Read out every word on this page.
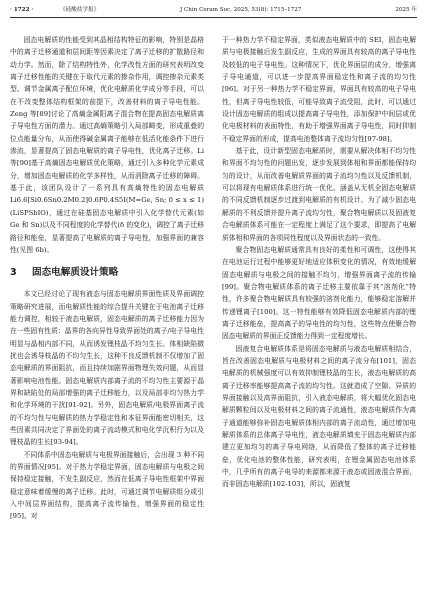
· 1722 ·	《硅酸盐学报》	J Chin Ceram Soc, 2025, 53(8): 1715–1727	2025 年

固态电解质的性能受到其晶相结构特征的影响，特别是晶格中的离子迁移通道和层间距等因素决定了离子迁移的扩散路径和动力学。然而，除了结构特性外，化学改性方面的研究表明改变离子迁移性能的关键在于取代元素的掺杂作用，调控掺杂元素类型、调节金属离子配位环境，优化电解质化学成分等手段，可以在不改变整体结构框架的前提下，改善材料的离子导电性能。Zeng 等[89]讨论了高熵金属阳离子混合物在提高固态电解质离子导电性方面的潜力。通过高熵策略引入局部畸变，形成重叠的位点能量分布，从而使得碱金属离子能够在低活化能条件下进行渗流，显著提高了固态电解质的离子导电性，优化离子迁移。Li 等[90]基于高熵固态电解质优化策略，通过引入多种化学元素成分，增加固态电解质的化学多样性，从而消除离子迁移的障碍。基于此，该团队设计了一系列具有高熵特性的固态电解质 Li6.6[Si0.6Sn0.2M0.2]0.6P0.4S5I(M=Ge, Sn; 0 ≤ x ≤ 1)(LiSPSbIO)，通过在硅基固态电解质中引入化学替代元素(如 Ge 和 Sn)以及不同程度的化学替代(δ 的变化)，调控了离子迁移路径和能垒，显著提高了电解质的离子导电性，加强界面的兼容性(见图 6b)。

3 固态电解质设计策略

本文已经讨论了现有液态与固态电解质界面性质及界面调控策略研究进展，而电解质性能的综合提升关键在于电池离子迁移能力调控，相较于液态电解质，固态电解质的离子迁移能力因为在一些固有性质：晶界的各向异性导致界面处的离子/电子导电性明显与晶相内部不同，从而诱发锂枝晶不均匀生长。体相缺陷微扰也会诱导枝晶的不均匀生长，这种不良反馈机制不仅增加了固态电解质的界面阻抗，而且持续加剧界面物理失效问题，从而显著影响电池性能。固态电解质内部离子流的不均匀性主要源于晶界和缺陷处的局部增强的离子迁移能力，以及局部非均匀热力学和化学环境的干扰[91-92]。另外，固态电解质/电极界面离子流的不均匀性与电解质的热力学稳定性和本征界面能密切相关，这些因素共同决定了界面处的离子流动模式和电化学沉积行为以及锂枝晶的生长[93-94]。

不同体系中固态电解质与电极界面接触后，会出现 3 种不同的界面情况[95]。对于热力学稳定界面，固态电解质与电极之间保持稳定接触，不发生副反应，然而在低离子导电性框架中界面稳定意味着缓慢的离子迁移。此时，可通过调节电解质组分或引入中间层界面结构，提高离子流传输性，增强界面的稳定性[95]。对

于一种热力学不稳定界面，类似液态电解质中的 SEI，固态电解质与电极接触后发生副反应，生成的界面具有较高的离子导电性及较低的电子导电性。这种情况下，优化界面层的成分、增强离子导电通道，可以进一步提高界面稳定性和离子流的均匀性[96]。对于另一种热力学不稳定界面，界面具有较高的电子导电性，但离子导电性较低，可能导致离子流受阻，此时，可以通过设计固态电解质的组成以提高离子导电性，添加保护中间层或优化电极材料的表面特性，有助于增强界面离子导电性，同时抑制不稳定界面的形成，提高电池整体离子流均匀性[97-98]。

基于此，设计新型固态电解质时，需要从解决体相不均匀性和界面不均匀性的问题出发，逐步发展到体相和界面都能保持均匀的设计，从而改善电解质界面的离子流均匀性以及反馈机制，可以将现有电解质体系进行统一优化。涵盖从无机全固态电解质的不同反馈机制逐步过渡到电解质的有机设计。为了减少固态电解质的不利反馈并提升离子流均匀性，聚合物电解质以及固液复合电解质体系可能在一定程度上满足了这个要求，即提高了电解质体相和界面的各项同性程度以及界面状态的一致性。

聚合物固态电解质通常具有良好的柔性和可调性，这使得其在电池运行过程中能够更好地适应体积变化的情况，有效地缓解固态电解质与电极之间的接触不均匀，增强界面离子流的传输[99]。聚合物电解质体系的离子迁移主要依靠于其“溶剂化”特性，许多聚合物电解质具有较强的溶剂化能力，能够稳定溶解并传递锂离子[100]。这一特性能够有效降低固态电解质内部的锂离子迁移能垒，提高离子的导电性的均匀性，这些特点使聚合物固态电解质的界面正反馈能力得到一定程度增长。

固液复合电解质体系是将固态电解质与液态电解质相结合，旨在改善固态电解质与电极材料之间的离子流分布[101]，固态电解质的机械强度可以有效抑制锂枝晶的生长，液态电解质的高离子迁移率能够提高离子流的均匀性。这就造成了空隙、异质的界面接触以及高界面阻抗，引入液态电解质，将大幅优化固态电解质颗粒间以及电极材料之间的离子流通性，液态电解质作为离子通道能够弥补固态电解质体相内部的离子流动性，通过增加电解质体系的总体离子导电性，液态电解质填充于固态电解质内部建立更加均匀的离子导电网络，从而降低了整体的离子迁移能垒，优化电池的整体性能，研究表明，在锂金属固态电池体系中，几乎所有的离子电导的来源都来源于液态或固液混合界面，而非固态电解质[102-103]，所以，固液复
